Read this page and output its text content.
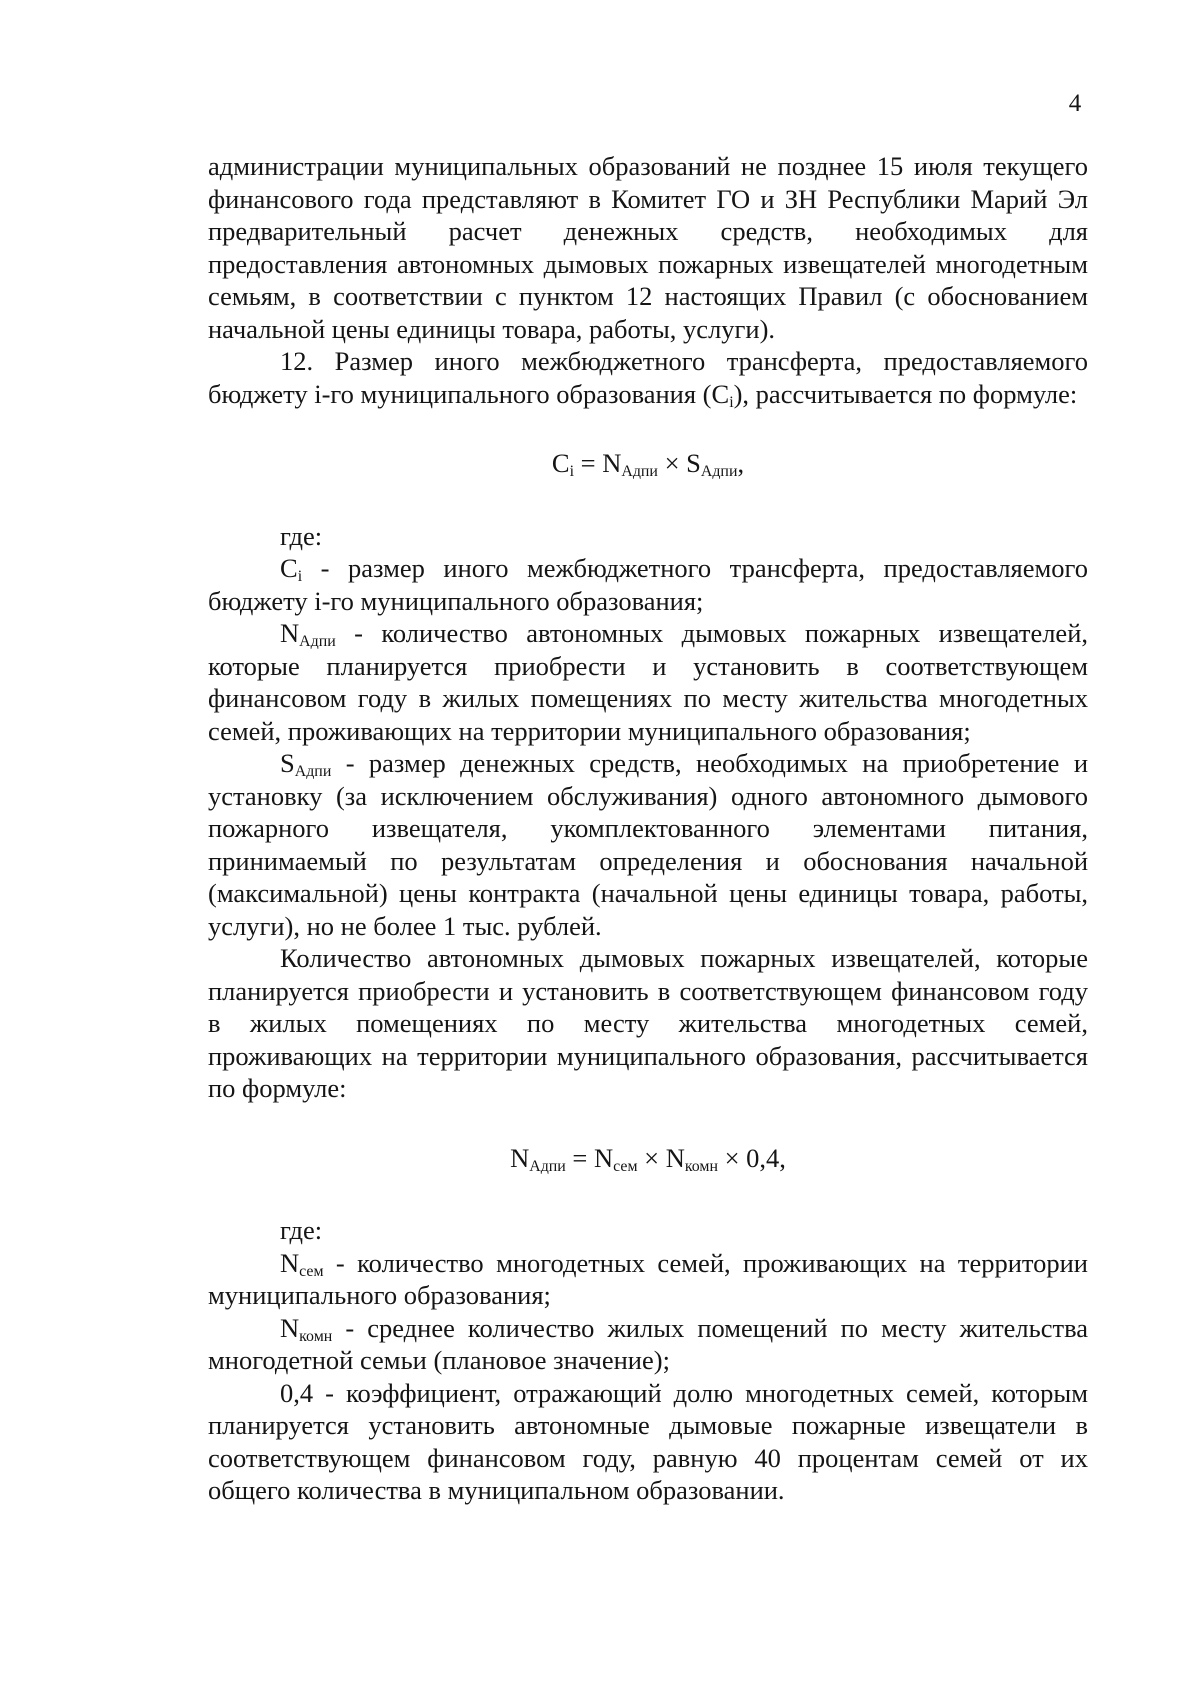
4

администрации муниципальных образований не позднее 15 июля текущего финансового года представляют в Комитет ГО и ЗН Республики Марий Эл предварительный расчет денежных средств, необходимых для предоставления автономных дымовых пожарных извещателей многодетным семьям, в соответствии с пунктом 12 настоящих Правил (с обоснованием начальной цены единицы товара, работы, услуги).

12. Размер иного межбюджетного трансферта, предоставляемого бюджету i-го муниципального образования $(C_i)$, рассчитывается по формуле:

$C_i = N_{Адпи} \times S_{Адпи}$,

где:

$C_i$ - размер иного межбюджетного трансферта, предоставляемого бюджету i-го муниципального образования;

$N_{Адпи}$ - количество автономных дымовых пожарных извещателей, которые планируется приобрести и установить в соответствующем финансовом году в жилых помещениях по месту жительства многодетных семей, проживающих на территории муниципального образования;

$S_{Адпи}$ - размер денежных средств, необходимых на приобретение и установку (за исключением обслуживания) одного автономного дымового пожарного извещателя, укомплектованного элементами питания, принимаемый по результатам определения и обоснования начальной (максимальной) цены контракта (начальной цены единицы товара, работы, услуги), но не более 1 тыс. рублей.

Количество автономных дымовых пожарных извещателей, которые планируется приобрести и установить в соответствующем финансовом году в жилых помещениях по месту жительства многодетных семей, проживающих на территории муниципального образования, рассчитывается по формуле:

$N_{Адпи} = N_{сем} \times N_{комн} \times 0,4$,

где:

$N_{сем}$ - количество многодетных семей, проживающих на территории муниципального образования;

$N_{комн}$ - среднее количество жилых помещений по месту жительства многодетной семьи (плановое значение);

0,4 - коэффициент, отражающий долю многодетных семей, которым планируется установить автономные дымовые пожарные извещатели в соответствующем финансовом году, равную 40 процентам семей от их общего количества в муниципальном образовании.
